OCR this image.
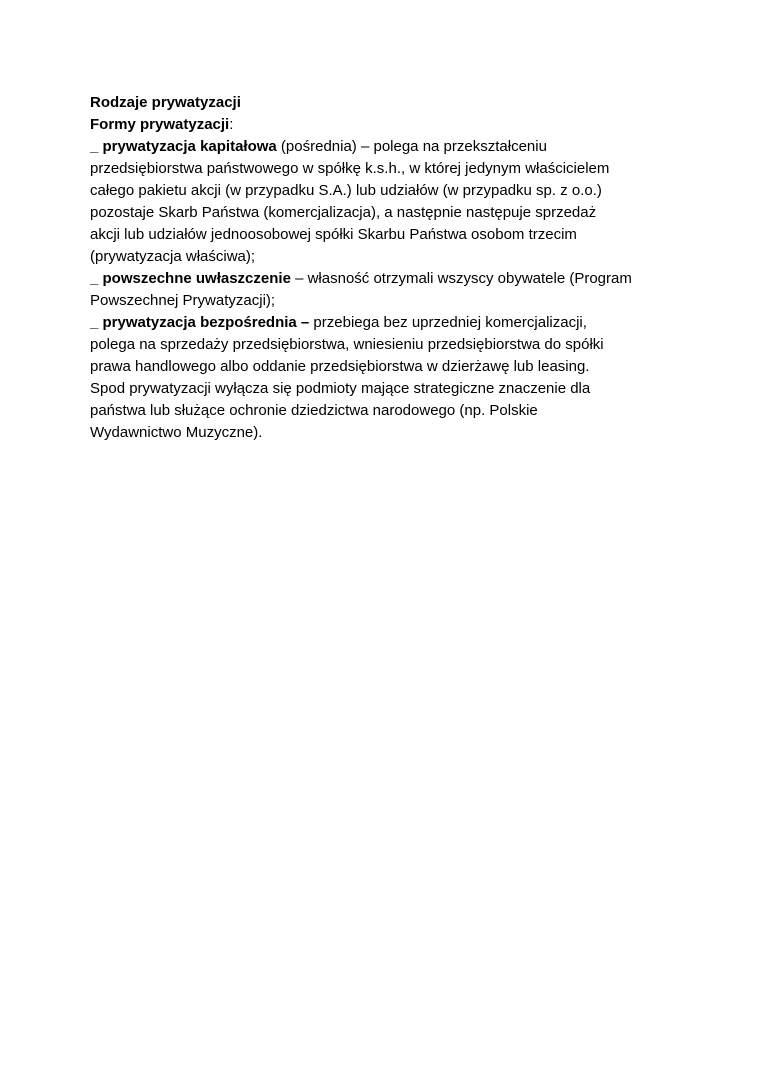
Rodzaje prywatyzacji
Formy prywatyzacji:
_ prywatyzacja kapitałowa (pośrednia) – polega na przekształceniu
przedsiębiorstwa państwowego w spółkę k.s.h., w której jedynym właścicielem
całego pakietu akcji (w przypadku S.A.) lub udziałów (w przypadku sp. z o.o.)
pozostaje Skarb Państwa (komercjalizacja), a następnie następuje sprzedaż
akcji lub udziałów jednoosobowej spółki Skarbu Państwa osobom trzecim
(prywatyzacja właściwa);
_ powszechne uwłaszczenie – własność otrzymali wszyscy obywatele (Program
Powszechnej Prywatyzacji);
_ prywatyzacja bezpośrednia – przebiega bez uprzedniej komercjalizacji,
polega na sprzedaży przedsiębiorstwa, wniesieniu przedsiębiorstwa do spółki
prawa handlowego albo oddanie przedsiębiorstwa w dzierżawę lub leasing.
Spod prywatyzacji wyłącza się podmioty mające strategiczne znaczenie dla
państwa lub służące ochronie dziedzictwa narodowego (np. Polskie
Wydawnictwo Muzyczne).
